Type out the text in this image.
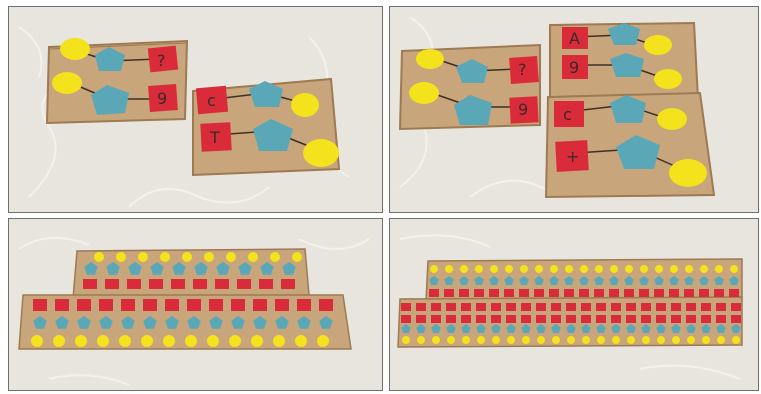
?
9 c
T
?
9
A
9
c
+
